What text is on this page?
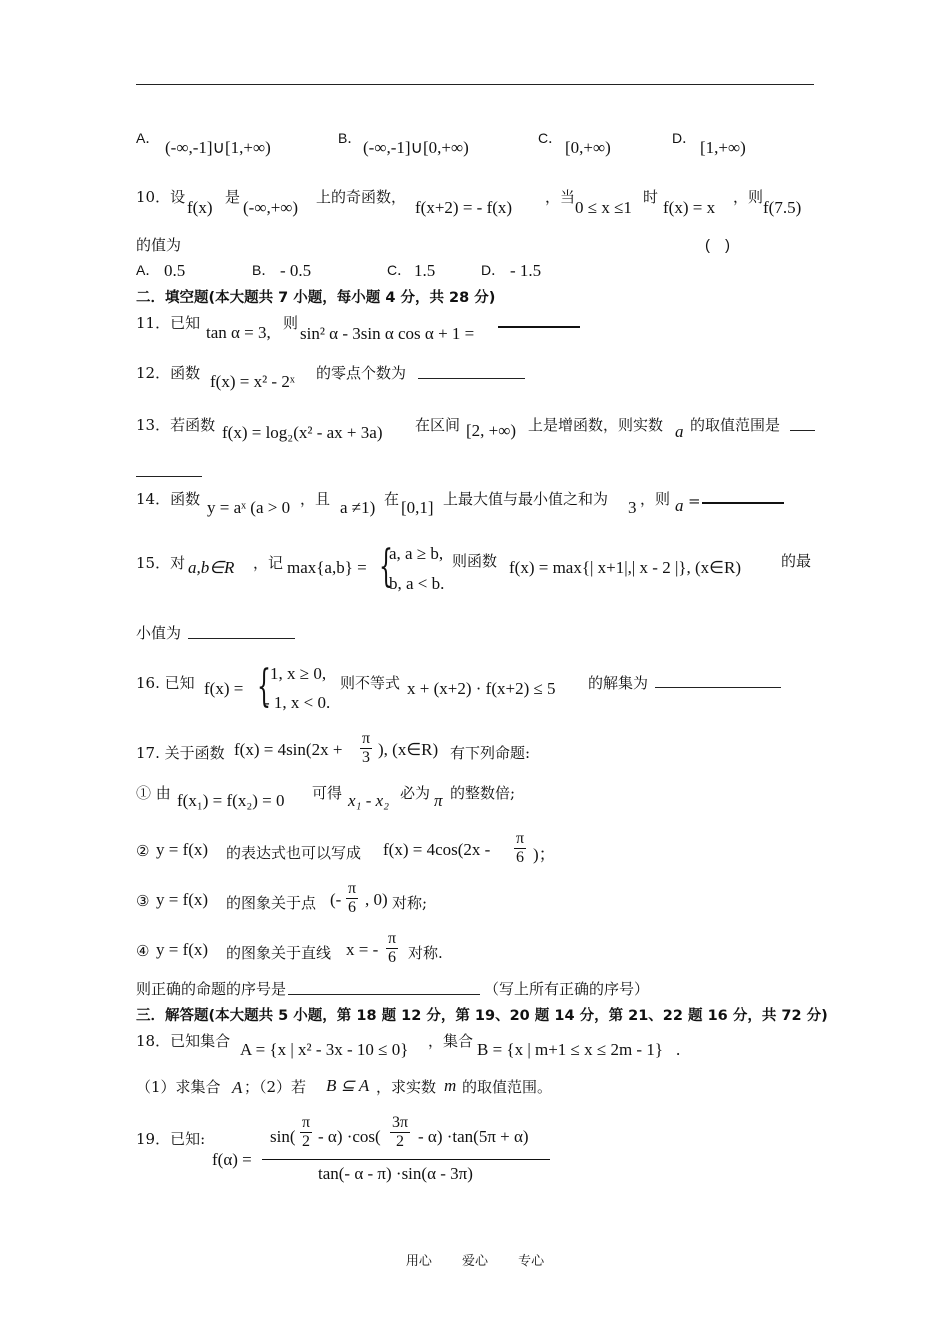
A． (-∞,-1]∪[1,+∞)	B． (-∞,-1]∪[0,+∞)	C． [0,+∞)	D． [1,+∞)
10．设
f(x)
是
(-∞,+∞)
上的奇函数，
f(x+2) = - f(x)
，当
0 ≤ x ≤1
时
f(x) = x
，则
f(7.5)
的值为	(　)
A． 0.5	B． - 0.5	C． 1.5	D． - 1.5
二．填空题(本大题共 7 小题，每小题 4 分，共 28 分)
11．已知 tan α = 3, 则
sin² α - 3sin α cos α + 1 =
12．函数 f(x) = x² - 2ˣ 的零点个数为
13．若函数 f(x) = log₂(x² - ax + 3a) 在区间 [2, +∞) 上是增函数，则实数 a 的取值范围是
14．函数 y = aˣ (a > 0 ，且 a ≠1) 在 [0,1] 上最大值与最小值之和为 3 ，则 a =
15．对 a,b∈R ，记 max{a,b} = {
a, a ≥ b,
b, a < b.
则函数 f(x) = max{| x+1|,| x - 2 |}, (x∈R)	的最
小值为
16. 已知 f(x) = { 1, x ≥ 0,
- 1, x < 0.
则不等式 x + (x+2) · f(x+2) ≤ 5 的解集为
17. 关于函数 $f(x) = 4\sin(2x + \frac{\pi}{3}$ ), (x∈R) 有下列命题:
① 由 f(x₁) = f(x₂) = 0 可得 x₁ - x₂ 必为 π 的整数倍;
② y = f(x) 的表达式也可以写成 $f(x) = 4\cos(2x - \frac{\pi}{6}$ )；
③ y = f(x) 的图象关于点 (- $\frac{\pi}{6}$ , 0) 对称;
④ y = f(x) 的图象关于直线 x = - $\frac{\pi}{6}$ 对称.
则正确的命题的序号是	（写上所有正确的序号）
三．解答题(本大题共 5 小题，第 18 题 12 分，第 19、20 题 14 分，第 21、22 题 16 分，共 72 分)
18．已知集合 A = {x | x² - 3x - 10 ≤ 0} ，集合 B = {x | m+1 ≤ x ≤ 2m - 1} .
（1）求集合 A ；（2）若 B ⊆ A ，求实数 m 的取值范围。
19．已知:
f(α) =
$\sin( \frac{\pi}{2} - \alpha) \cdot\cos( \frac{3\pi}{2} - \alpha) \cdot\tan(5\pi + \alpha)$
tan(- α - π) ·sin(α - 3π)
用心 爱心 专心
